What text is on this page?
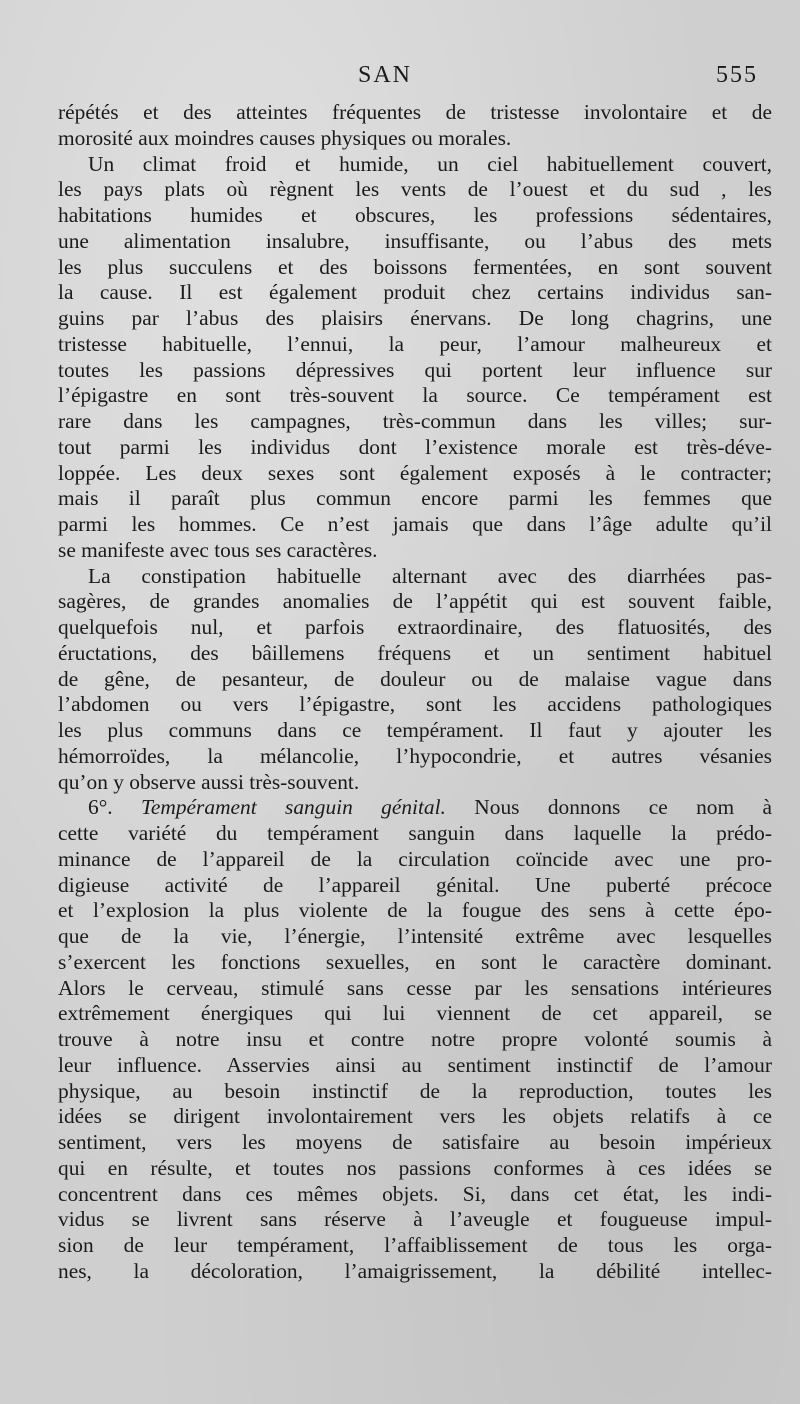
SAN	555
répétés et des atteintes fréquentes de tristesse involontaire et de
morosité aux moindres causes physiques ou morales.
Un climat froid et humide, un ciel habituellement couvert,
les pays plats où règnent les vents de l’ouest et du sud , les
habitations humides et obscures, les professions sédentaires,
une alimentation insalubre, insuffisante, ou l’abus des mets
les plus succulens et des boissons fermentées, en sont souvent
la cause. Il est également produit chez certains individus san-
guins par l’abus des plaisirs énervans. De long chagrins, une
tristesse habituelle, l’ennui, la peur, l’amour malheureux et
toutes les passions dépressives qui portent leur influence sur
l’épigastre en sont très-souvent la source. Ce tempérament est
rare dans les campagnes, très-commun dans les villes; sur-
tout parmi les individus dont l’existence morale est très-déve-
loppée. Les deux sexes sont également exposés à le contracter;
mais il paraît plus commun encore parmi les femmes que
parmi les hommes. Ce n’est jamais que dans l’âge adulte qu’il
se manifeste avec tous ses caractères.
La constipation habituelle alternant avec des diarrhées pas-
sagères, de grandes anomalies de l’appétit qui est souvent faible,
quelquefois nul, et parfois extraordinaire, des flatuosités, des
éructations, des bâillemens fréquens et un sentiment habituel
de gêne, de pesanteur, de douleur ou de malaise vague dans
l’abdomen ou vers l’épigastre, sont les accidens pathologiques
les plus communs dans ce tempérament. Il faut y ajouter les
hémorroïdes, la mélancolie, l’hypocondrie, et autres vésanies
qu’on y observe aussi très-souvent.
6°. Tempérament sanguin génital. Nous donnons ce nom à
cette variété du tempérament sanguin dans laquelle la prédo-
minance de l’appareil de la circulation coïncide avec une pro-
digieuse activité de l’appareil génital. Une puberté précoce
et l’explosion la plus violente de la fougue des sens à cette épo-
que de la vie, l’énergie, l’intensité extrême avec lesquelles
s’exercent les fonctions sexuelles, en sont le caractère dominant.
Alors le cerveau, stimulé sans cesse par les sensations intérieures
extrêmement énergiques qui lui viennent de cet appareil, se
trouve à notre insu et contre notre propre volonté soumis à
leur influence. Asservies ainsi au sentiment instinctif de l’amour
physique, au besoin instinctif de la reproduction, toutes les
idées se dirigent involontairement vers les objets relatifs à ce
sentiment, vers les moyens de satisfaire au besoin impérieux
qui en résulte, et toutes nos passions conformes à ces idées se
concentrent dans ces mêmes objets. Si, dans cet état, les indi-
vidus se livrent sans réserve à l’aveugle et fougueuse impul-
sion de leur tempérament, l’affaiblissement de tous les orga-
nes, la décoloration, l’amaigrissement, la débilité intellec-
